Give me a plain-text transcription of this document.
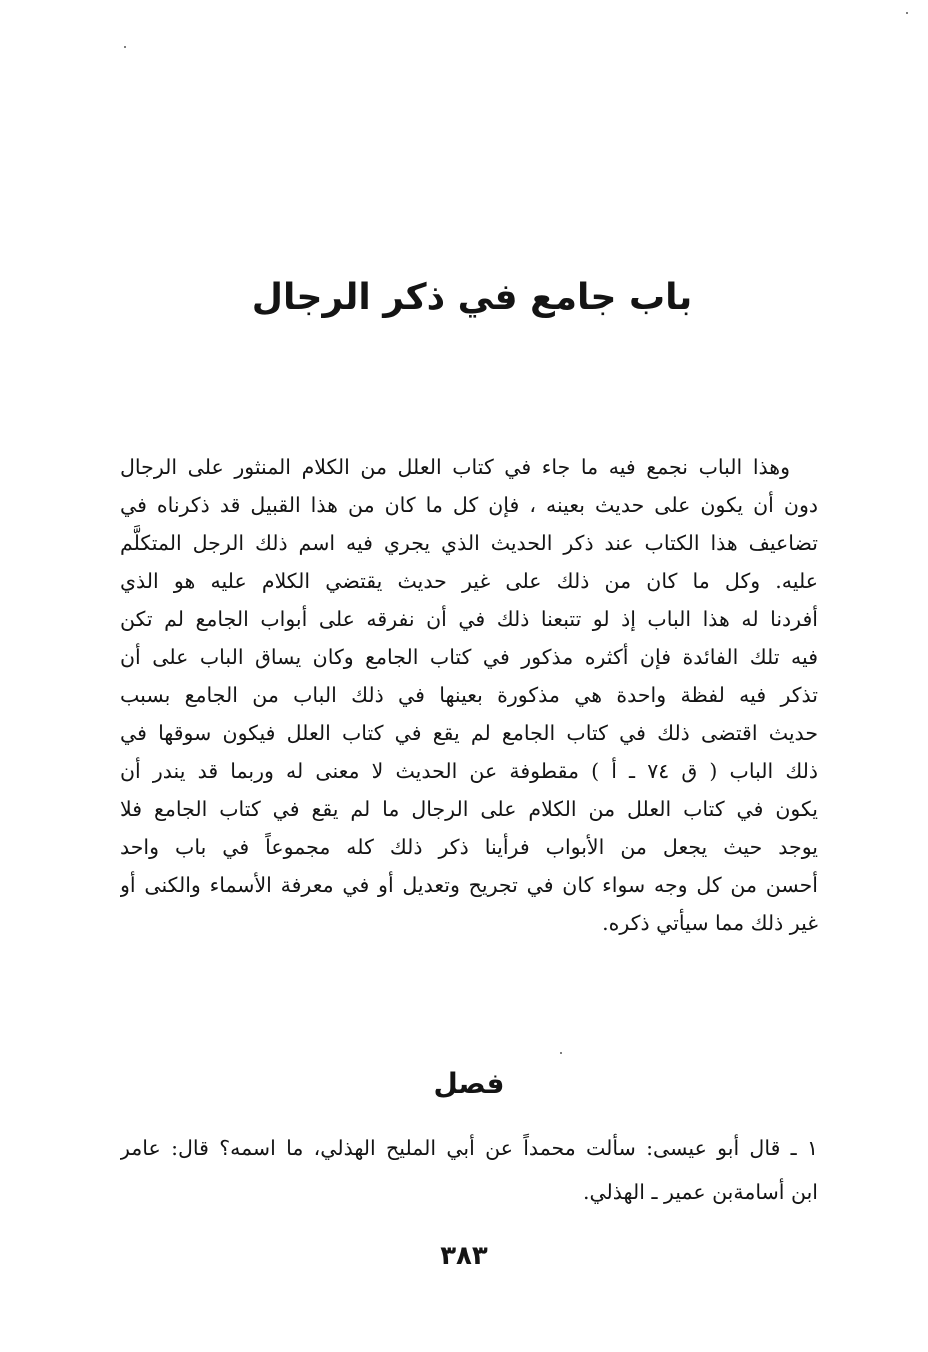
باب جامع في ذكر الرجال
وهذا الباب نجمع فيه ما جاء في كتاب العلل من الكلام المنثور على الرجال
دون أن يكون على حديث بعينه ، فإن كل ما كان من هذا القبيل قد ذكرناه في
تضاعيف هذا الكتاب عند ذكر الحديث الذي يجري فيه اسم ذلك الرجل المتكلَّم
عليه. وكل ما كان من ذلك على غير حديث يقتضي الكلام عليه هو الذي
أفردنا له هذا الباب إذ لو تتبعنا ذلك في أن نفرقه على أبواب الجامع لم تكن
فيه تلك الفائدة فإن أكثره مذكور في كتاب الجامع وكان يساق الباب على أن
تذكر فيه لفظة واحدة هي مذكورة بعينها في ذلك الباب من الجامع بسبب
حديث اقتضى ذلك في كتاب الجامع لم يقع في كتاب العلل فيكون سوقها في
ذلك الباب ( ق ٧٤ ـ أ ) مقطوفة عن الحديث لا معنى له وربما قد يندر أن
يكون في كتاب العلل من الكلام على الرجال ما لم يقع في كتاب الجامع فلا
يوجد حيث يجعل من الأبواب فرأينا ذكر ذلك كله مجموعاً في باب واحد
أحسن من كل وجه سواء كان في تجريح وتعديل أو في معرفة الأسماء والكنى أو
غير ذلك مما سيأتي ذكره.
فصل
١ ـ قال أبو عيسى: سألت محمداً عن أبي المليح الهذلي، ما اسمه؟ قال: عامر
ابن أسامةبن عمير ـ الهذلي.
٣٨٣
